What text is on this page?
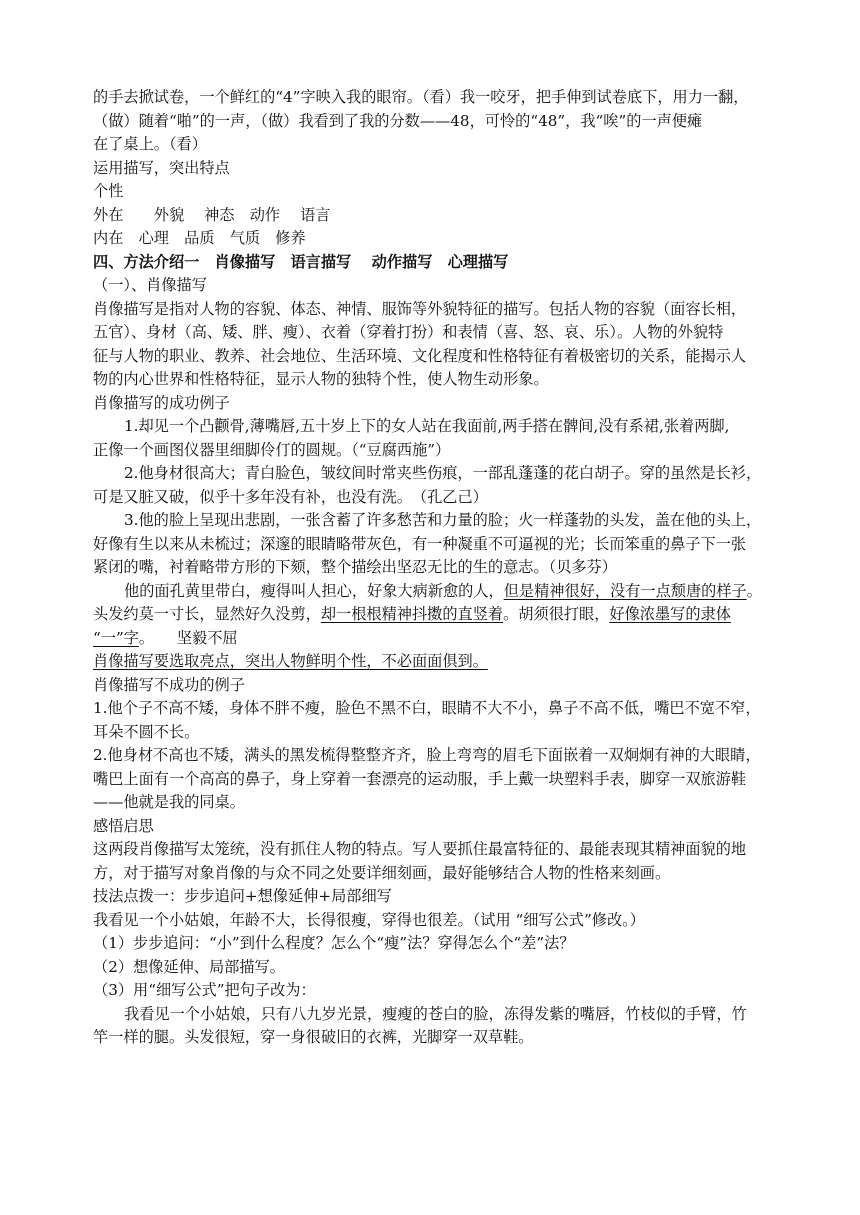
的手去掀试卷，一个鲜红的“4”字映入我的眼帘。（看）我一咬牙，把手伸到试卷底下，用力一翻，
（做）随着“啪”的一声，（做）我看到了我的分数——48，可怜的“48”，我“唉”的一声便瘫
在了桌上。（看）
运用描写，突出特点
个性
外在　　外貌　 神态　动作　 语言
内在　心理　品质　气质　修养
四、方法介绍一　肖像描写　语言描写　 动作描写　心理描写
（一）、肖像描写
肖像描写是指对人物的容貌、体态、神情、服饰等外貌特征的描写。包括人物的容貌（面容长相，
五官）、身材（高、矮、胖、瘦）、衣着（穿着打扮）和表情（喜、怒、哀、乐）。人物的外貌特
征与人物的职业、教养、社会地位、生活环境、文化程度和性格特征有着极密切的关系，能揭示人
物的内心世界和性格特征，显示人物的独特个性，使人物生动形象。
肖像描写的成功例子
1.却见一个凸颧骨,薄嘴唇,五十岁上下的女人站在我面前,两手搭在髀间,没有系裙,张着两脚,
正像一个画图仪器里细脚伶仃的圆规。（“豆腐西施”）
2.他身材很高大；青白脸色，皱纹间时常夹些伤痕，一部乱蓬蓬的花白胡子。穿的虽然是长衫，
可是又脏又破，似乎十多年没有补，也没有洗。　（孔乙己）
3.他的脸上呈现出悲剧，一张含蓄了许多愁苦和力量的脸；火一样蓬勃的头发，盖在他的头上，
好像有生以来从未梳过；深邃的眼睛略带灰色，有一种凝重不可逼视的光；长而笨重的鼻子下一张
紧闭的嘴，衬着略带方形的下颏，整个描绘出坚忍无比的生的意志。（贝多芬）
他的面孔黄里带白，瘦得叫人担心，好象大病新愈的人，但是精神很好，没有一点颓唐的样子。
头发约莫一寸长，显然好久没剪，却一根根精神抖擞的直竖着。胡须很打眼，好像浓墨写的隶体
“一”字。　　坚毅不屈
肖像描写要选取亮点，突出人物鲜明个性，不必面面俱到。
肖像描写不成功的例子
1.他个子不高不矮，身体不胖不瘦，脸色不黑不白，眼睛不大不小，鼻子不高不低，嘴巴不宽不窄，
耳朵不圆不长。
2.他身材不高也不矮，满头的黑发梳得整整齐齐，脸上弯弯的眉毛下面嵌着一双炯炯有神的大眼睛，
嘴巴上面有一个高高的鼻子，身上穿着一套漂亮的运动服，手上戴一块塑料手表，脚穿一双旅游鞋
——他就是我的同桌。
感悟启思
这两段肖像描写太笼统，没有抓住人物的特点。写人要抓住最富特征的、最能表现其精神面貌的地
方，对于描写对象肖像的与众不同之处要详细刻画，最好能够结合人物的性格来刻画。
技法点拨一：步步追问+想像延伸+局部细写
我看见一个小姑娘，年龄不大，长得很瘦，穿得也很差。（试用 “细写公式”修改。）
（1）步步追问：“小”到什么程度？怎么个“瘦”法？穿得怎么个“差”法？
（2）想像延伸、局部描写。
（3）用“细写公式”把句子改为：
我看见一个小姑娘，只有八九岁光景，瘦瘦的苍白的脸，冻得发紫的嘴唇，竹枝似的手臂，竹
竿一样的腿。头发很短，穿一身很破旧的衣裤，光脚穿一双草鞋。
